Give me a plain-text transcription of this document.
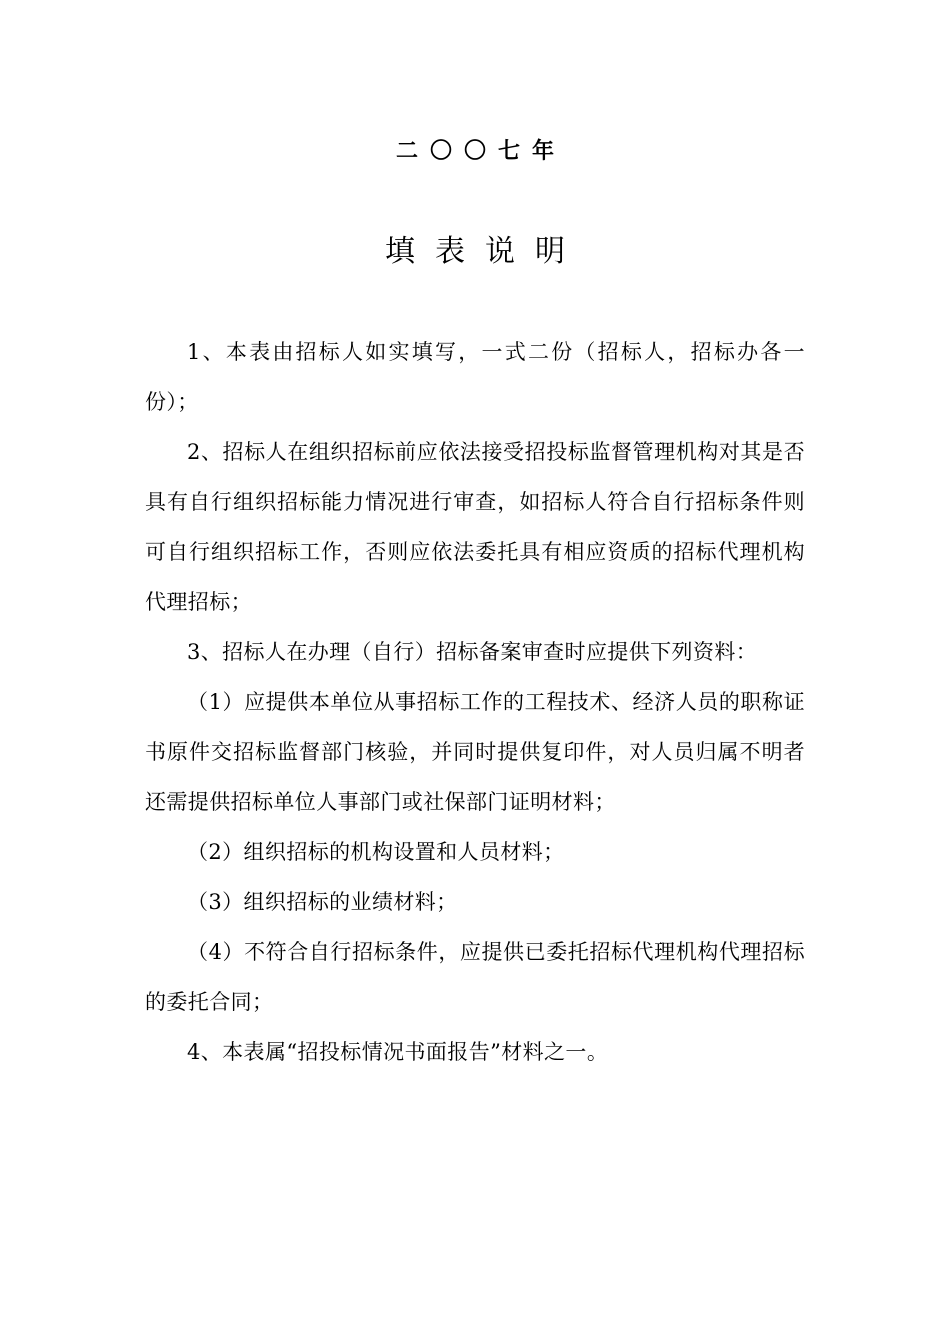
二〇〇七年

填表说明

1、本表由招标人如实填写，一式二份（招标人，招标办各一份）；

2、招标人在组织招标前应依法接受招投标监督管理机构对其是否具有自行组织招标能力情况进行审查，如招标人符合自行招标条件则可自行组织招标工作，否则应依法委托具有相应资质的招标代理机构代理招标；

3、招标人在办理（自行）招标备案审查时应提供下列资料：

（1）应提供本单位从事招标工作的工程技术、经济人员的职称证书原件交招标监督部门核验，并同时提供复印件，对人员归属不明者还需提供招标单位人事部门或社保部门证明材料；

（2）组织招标的机构设置和人员材料；

（3）组织招标的业绩材料；

（4）不符合自行招标条件，应提供已委托招标代理机构代理招标的委托合同；

4、本表属“招投标情况书面报告”材料之一。
